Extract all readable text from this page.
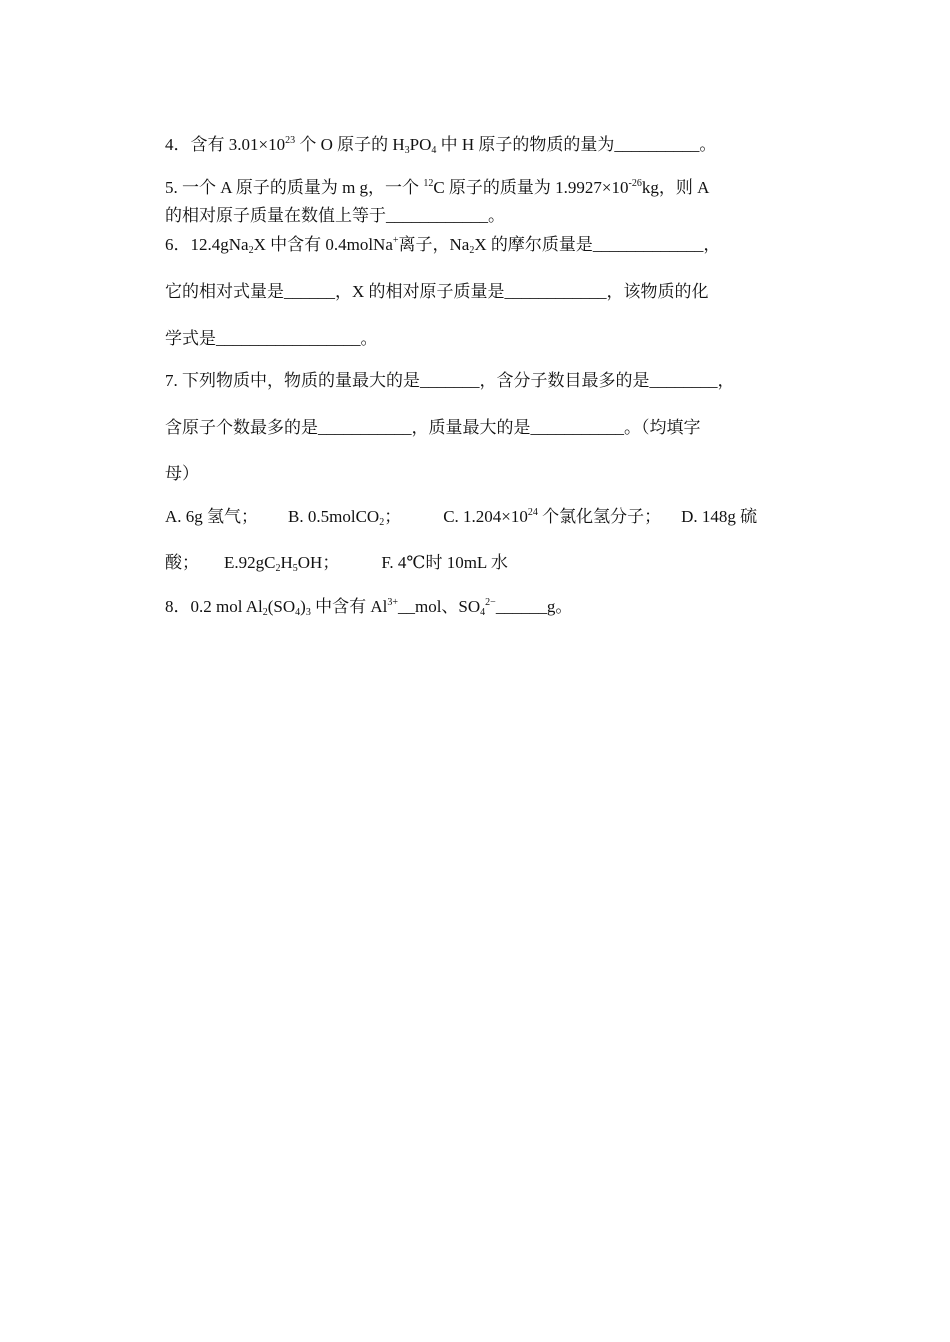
4．含有 $3.01\times 10^{23}$ 个 O 原子的 $H_3PO_4$ 中 H 原子的物质的量为__________。
5. 一个 A 原子的质量为 m g，一个 $^{12}$C 原子的质量为 $1.9927\times 10^{-26}kg$，则 A
的相对原子质量在数值上等于____________。
6．12.4gNa$_2$X 中含有 0.4molNa+离子，$Na_2X$ 的摩尔质量是_____________，
它的相对式量是______，X 的相对原子质量是____________，该物质的化
学式是_________________。
7. 下列物质中，物质的量最大的是_______，含分子数目最多的是________，
含原子个数最多的是___________，质量最大的是___________。（均填字
母）
A. 6g 氢气； B. 0.5molCO$_2$； C. $1.204\times 10^{24}$ 个氯化氢分子； D. 148g 硫
酸； $E.92gC_2H_5OH$； F. 4℃时 10mL 水
8．0.2 mol $Al_2(SO_4)_3$ 中含有 $Al^{3+}\_\_mol$、$SO_4^{2-}\_\_\_\_\_\_g$。
